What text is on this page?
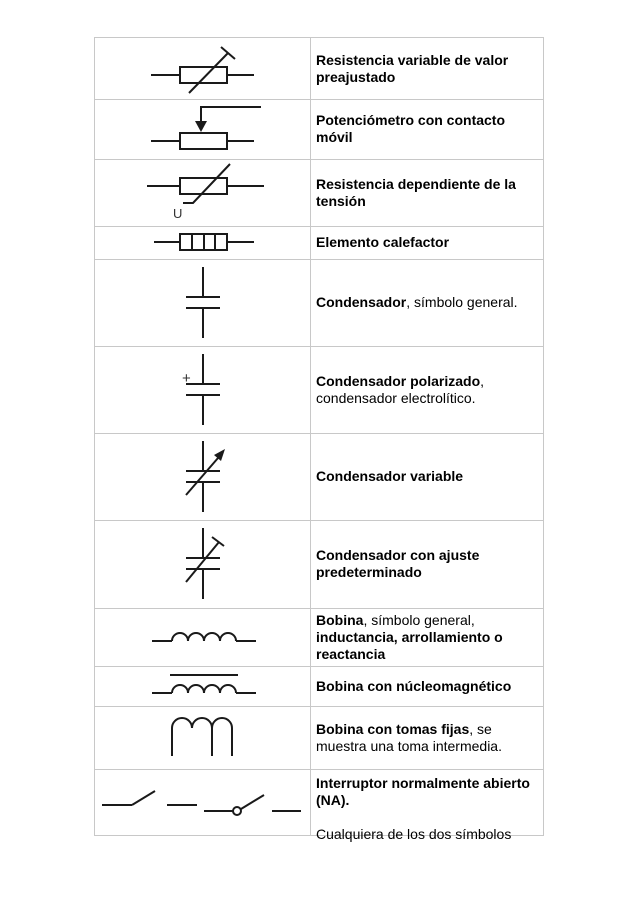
Resistencia variable de valor preajustado
Potenciómetro con contacto móvil
U
Resistencia dependiente de la tensión
Elemento calefactor
Condensador, símbolo general.
+	Condensador polarizado, condensador electrolítico.
Condensador variable
Condensador con ajuste predeterminado
Bobina, símbolo general, inductancia, arrollamiento o reactancia
Bobina con núcleomagnético
Bobina con tomas fijas, se muestra una toma intermedia.
Interruptor normalmente abierto (NA).
Cualquiera de los dos símbolos
